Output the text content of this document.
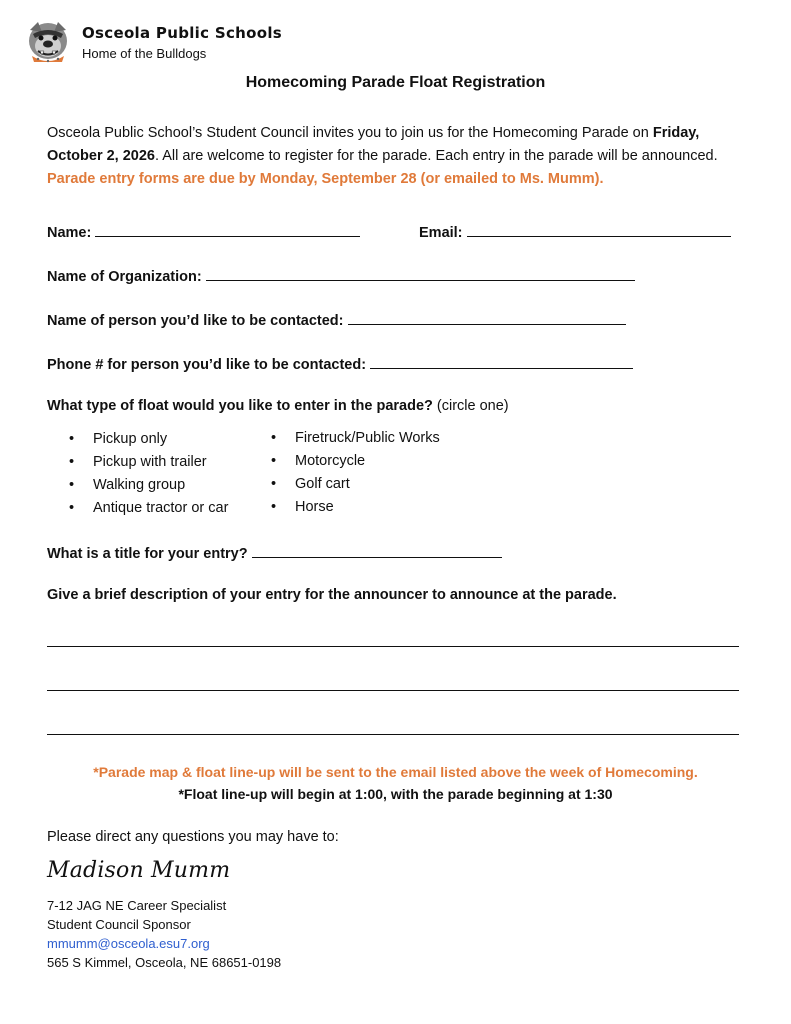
Osceola Public Schools
Home of the Bulldogs
Homecoming Parade Float Registration
Osceola Public School’s Student Council invites you to join us for the Homecoming Parade on Friday, October 2, 2026. All are welcome to register for the parade. Each entry in the parade will be announced. Parade entry forms are due by Monday, September 28 (or emailed to Ms. Mumm).
Name:	Email:
Name of Organization:
Name of person you’d like to be contacted:
Phone # for person you’d like to be contacted:
What type of float would you like to enter in the parade? (circle one)
• Pickup only
• Pickup with trailer
• Walking group
• Antique tractor or car
• Firetruck/Public Works
• Motorcycle
• Golf cart
• Horse
What is a title for your entry?
Give a brief description of your entry for the announcer to announce at the parade.
*Parade map & float line-up will be sent to the email listed above the week of Homecoming.
*Float line-up will begin at 1:00, with the parade beginning at 1:30
Please direct any questions you may have to:
Madison Mumm
7-12 JAG NE Career Specialist
Student Council Sponsor
mmumm@osceola.esu7.org
565 S Kimmel, Osceola, NE 68651-0198
